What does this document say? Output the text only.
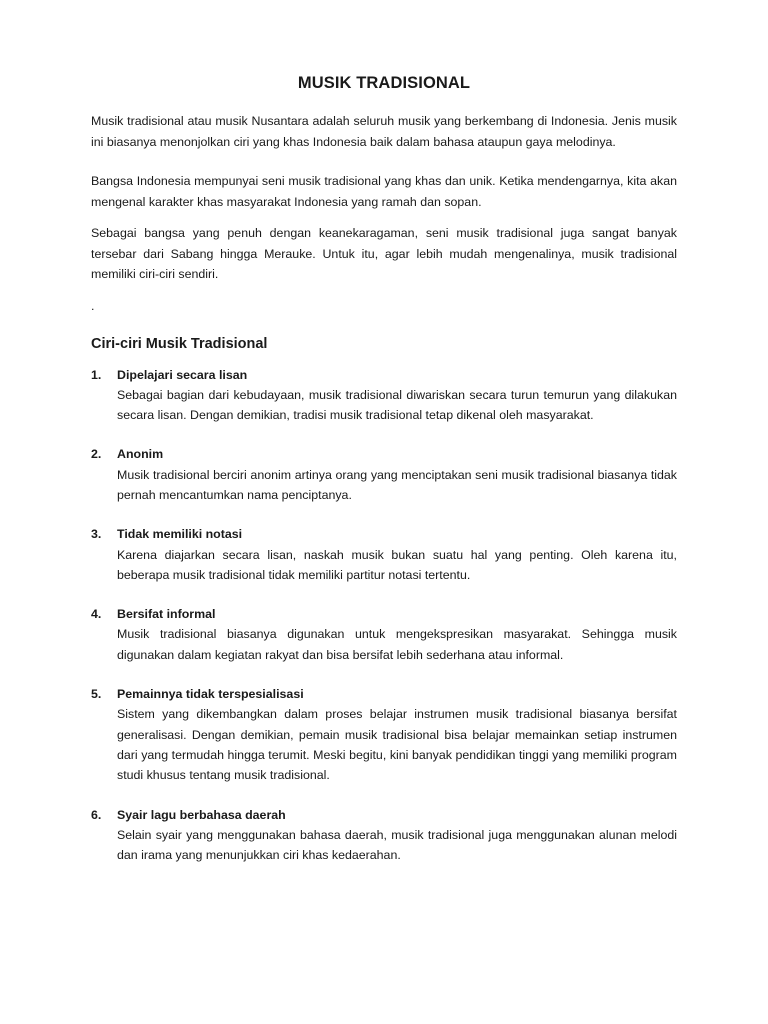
MUSIK TRADISIONAL

Musik tradisional atau musik Nusantara adalah seluruh musik yang berkembang di Indonesia. Jenis musik ini biasanya menonjolkan ciri yang khas Indonesia baik dalam bahasa ataupun gaya melodinya.

Bangsa Indonesia mempunyai seni musik tradisional yang khas dan unik. Ketika mendengarnya, kita akan mengenal karakter khas masyarakat Indonesia yang ramah dan sopan.

Sebagai bangsa yang penuh dengan keanekaragaman, seni musik tradisional juga sangat banyak tersebar dari Sabang hingga Merauke. Untuk itu, agar lebih mudah mengenalinya, musik tradisional memiliki ciri-ciri sendiri.

.
Ciri-ciri Musik Tradisional
1.	Dipelajari secara lisan
Sebagai bagian dari kebudayaan, musik tradisional diwariskan secara turun temurun yang dilakukan secara lisan. Dengan demikian, tradisi musik tradisional tetap dikenal oleh masyarakat.
2.	Anonim
Musik tradisional berciri anonim artinya orang yang menciptakan seni musik tradisional biasanya tidak pernah mencantumkan nama penciptanya.
3.	Tidak memiliki notasi
Karena diajarkan secara lisan, naskah musik bukan suatu hal yang penting. Oleh karena itu, beberapa musik tradisional tidak memiliki partitur notasi tertentu.
4.	Bersifat informal
Musik tradisional biasanya digunakan untuk mengekspresikan masyarakat. Sehingga musik digunakan dalam kegiatan rakyat dan bisa bersifat lebih sederhana atau informal.
5.	Pemainnya tidak terspesialisasi
Sistem yang dikembangkan dalam proses belajar instrumen musik tradisional biasanya bersifat generalisasi. Dengan demikian, pemain musik tradisional bisa belajar memainkan setiap instrumen dari yang termudah hingga terumit. Meski begitu, kini banyak pendidikan tinggi yang memiliki program studi khusus tentang musik tradisional.
6.	Syair lagu berbahasa daerah
Selain syair yang menggunakan bahasa daerah, musik tradisional juga menggunakan alunan melodi dan irama yang menunjukkan ciri khas kedaerahan.
